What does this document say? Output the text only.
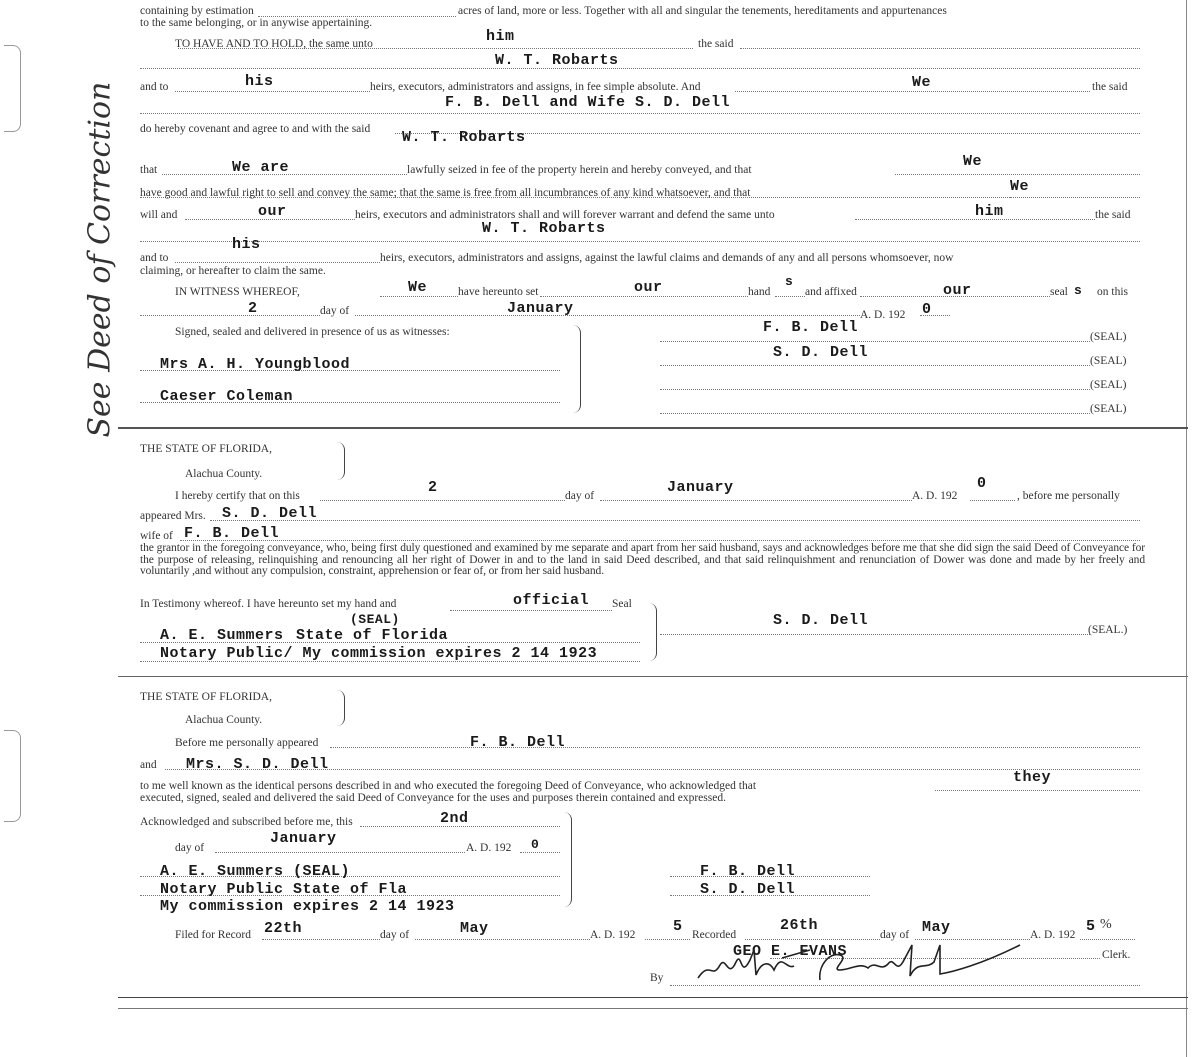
See Deed of Correction
containing by estimation	acres of land, more or less. Together with all and singular the tenements, hereditaments and appurtenances
to the same belonging, or in anywise appertaining.
TO HAVE AND TO HOLD, the same unto	him	the said
W. T. Robarts
and to	his	heirs, executors, administrators and assigns, in fee simple absolute. And	We	the said
F. B. Dell and Wife S. D. Dell
do hereby covenant and agree to and with the said W. T. Robarts
that	We are	lawfully seized in fee of the property herein and hereby conveyed, and that	We
have good and lawful right to sell and convey the same; that the same is free from all incumbrances of any kind whatsoever, and that	We
will and	our	heirs, executors and administrators shall and will forever warrant and defend the same unto	him	the said
W. T. Robarts
and to
his
heirs, executors, administrators and assigns, against the lawful claims and demands of any and all persons whomsoever, now
claiming, or hereafter to claim the same.
IN WITNESS WHEREOF,	We	have hereunto set	our	hand
s
and affixed	our	seal s on this
2	day of	January	A. D. 192 0
Signed, sealed and delivered in presence of us as witnesses:	F. B. Dell
S. D. Dell
Mrs A. H. Youngblood
Caeser Coleman
(SEAL)
(SEAL)
(SEAL)
(SEAL)
THE STATE OF FLORIDA,
Alachua County.
I hereby certify that on this	2	day of	January	A. D. 192
0
, before me personally
appeared Mrs. S. D. Dell
wife of F. B. Dell
the grantor in the foregoing conveyance, who, being first duly questioned and examined by me separate and apart from her said husband, says and acknowledges before me that she did sign the said Deed of Conveyance for the purpose of releasing, relinquishing and renouncing all her right of Dower in and to the land in said Deed described, and that said relinquishment and renunciation of Dower was done and made by her freely and voluntarily ,and without any compulsion, constraint, apprehension or fear of, or from her said husband.
In Testimony whereof. I have hereunto set my hand and	official Seal
(SEAL)
A. E. Summers State of Florida
Notary Public/ My commission expires 2 14 1923
S. D. Dell
(SEAL.)
THE STATE OF FLORIDA,
Alachua County.
Before me personally appeared	F. B. Dell
and Mrs. S. D. Dell
to me well known as the identical persons described in and who executed the foregoing Deed of Conveyance, who acknowledged that	they
executed, signed, sealed and delivered the said Deed of Conveyance for the uses and purposes therein contained and expressed.
Acknowledged and subscribed before me, this	2nd
day of
January
A. D. 192 0
A. E. Summers (SEAL)
Notary Public State of Fla
My commission expires 2 14 1923
F. B. Dell
S. D. Dell
Filed for Record 22th	day of	May	A. D. 192	5 Recorded
26th
day of May	A. D. 192 5 %
GEO E. EVANS	Clerk.
By
